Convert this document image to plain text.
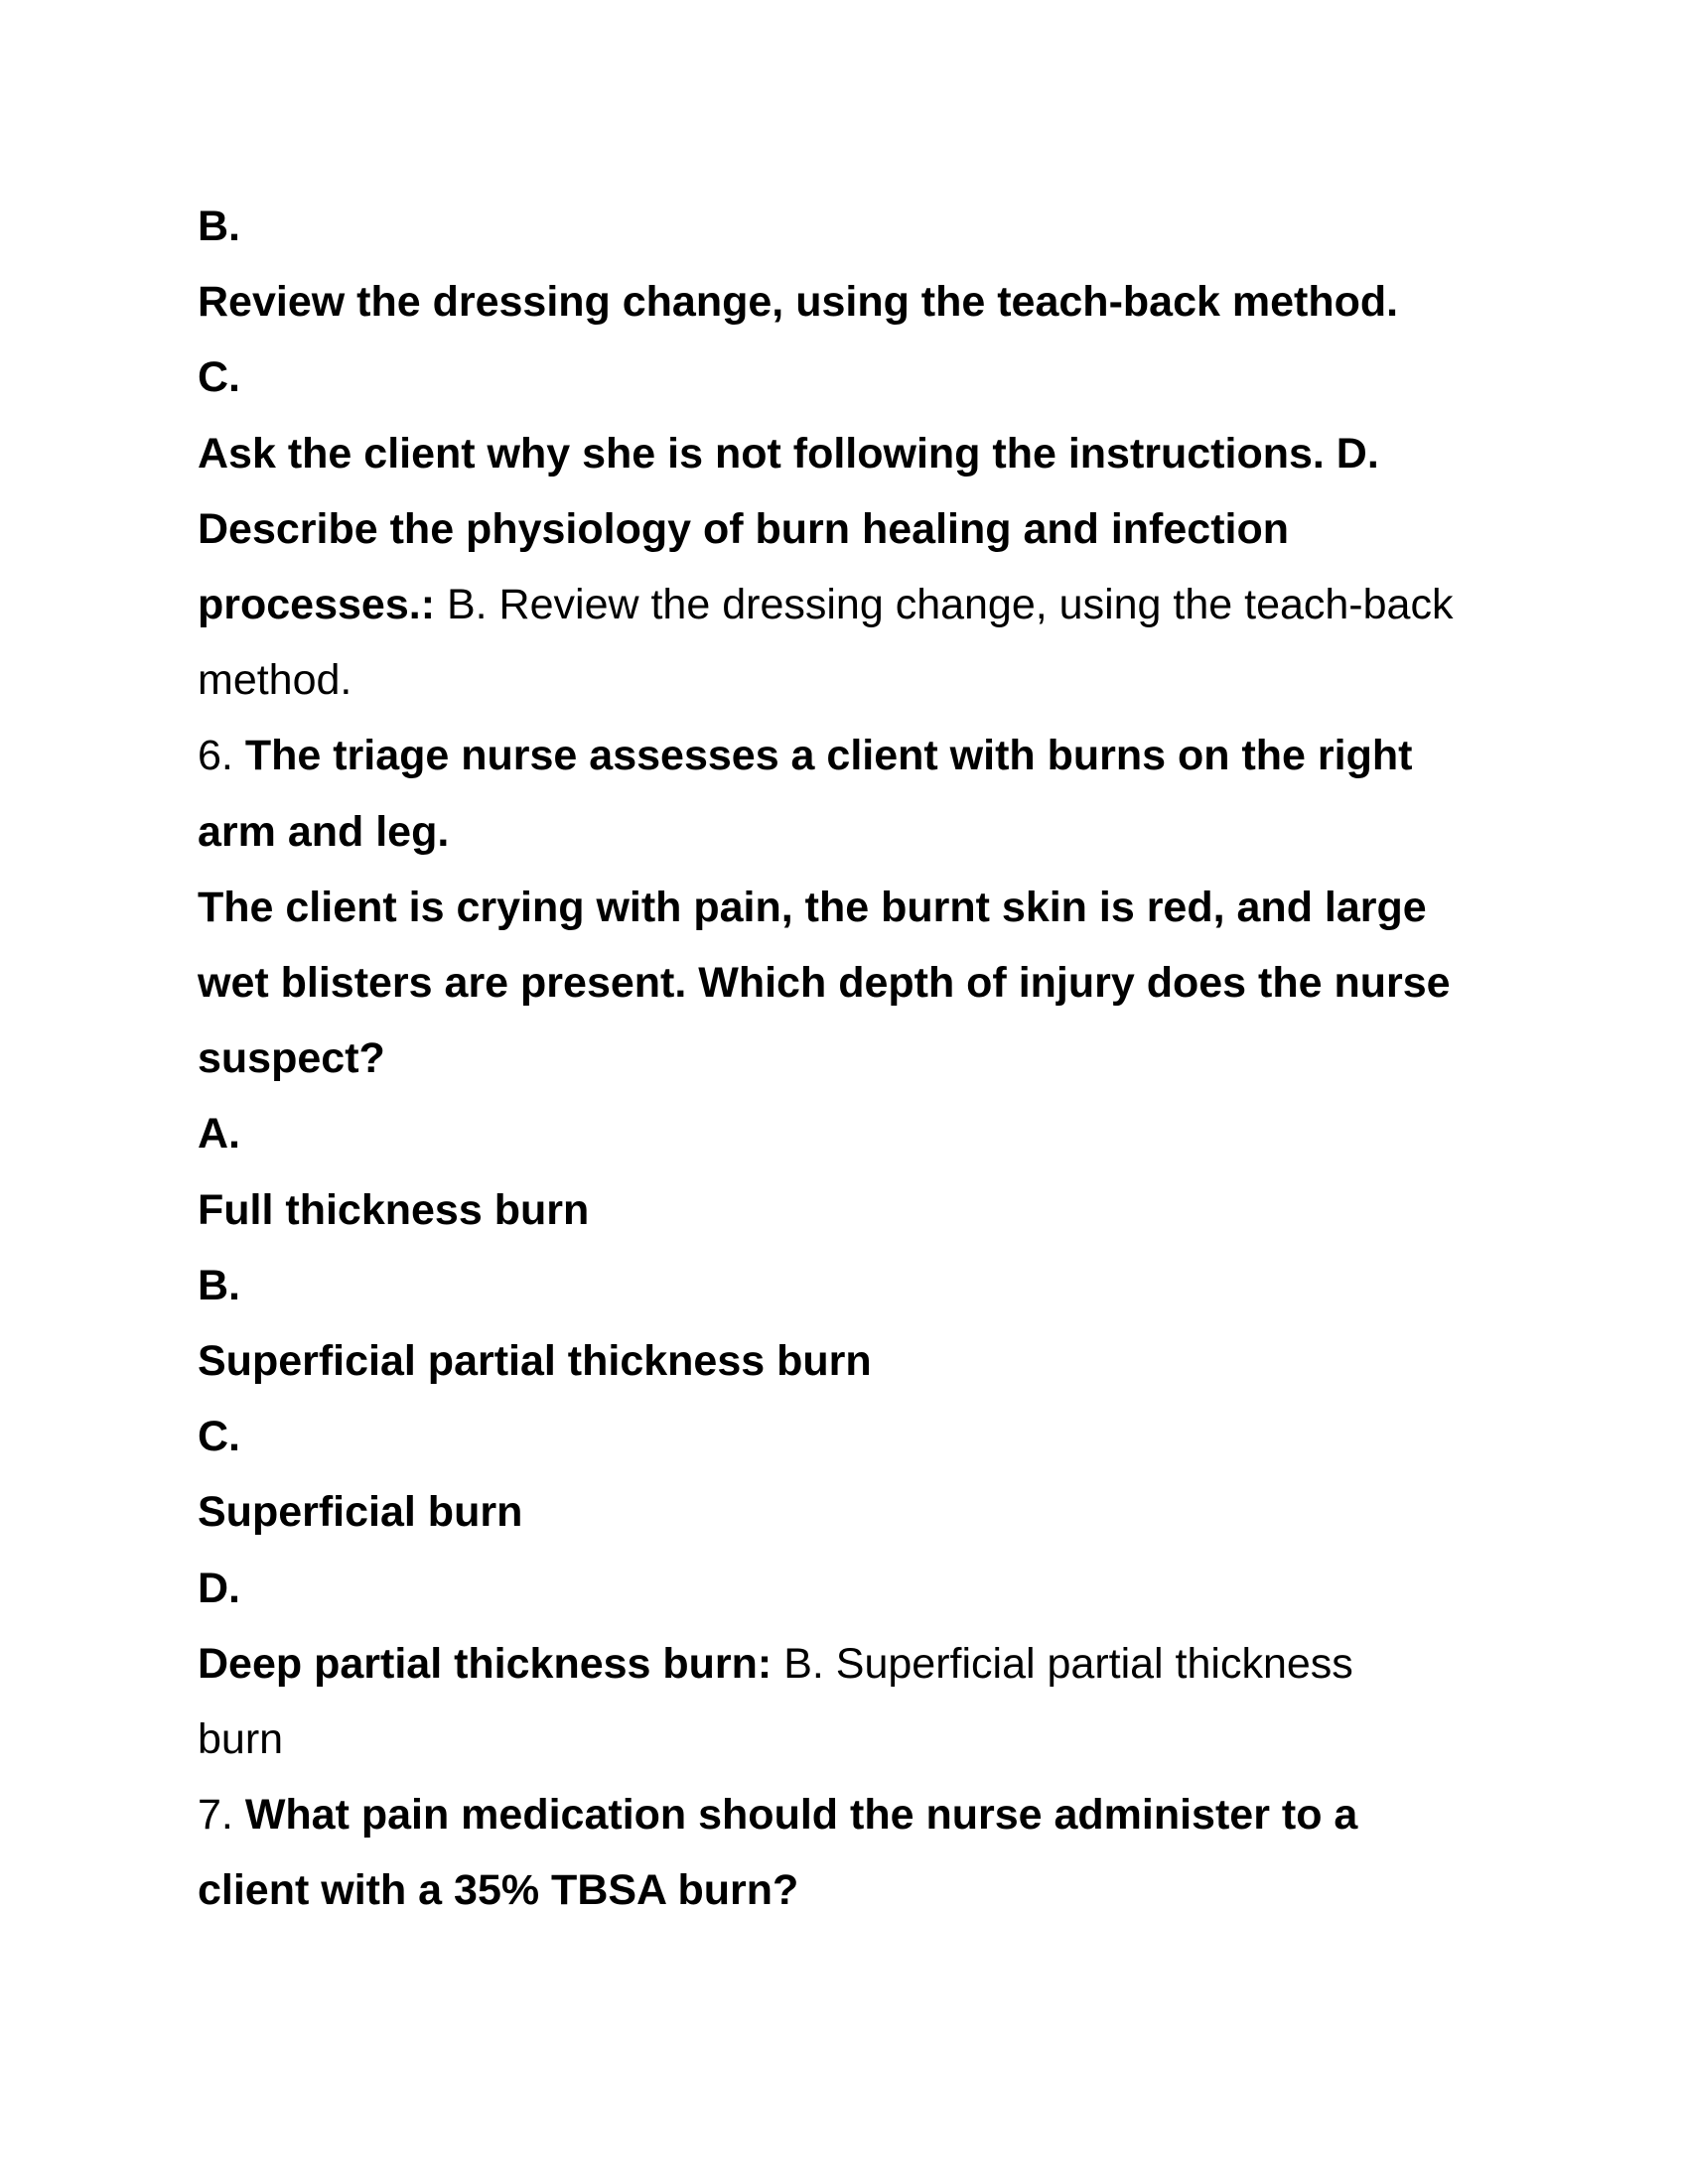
B.

Review the dressing change, using the teach-back method.

C.

Ask the client why she is not following the instructions. D.

Describe the physiology of burn healing and infection

processes.: B. Review the dressing change, using the teach-back

method.

6. The triage nurse assesses a client with burns on the right

arm and leg.

The client is crying with pain, the burnt skin is red, and large

wet blisters are present. Which depth of injury does the nurse

suspect?

A.

Full thickness burn

B.

Superficial partial thickness burn

C.

Superficial burn

D.

Deep partial thickness burn: B. Superficial partial thickness

burn

7. What pain medication should the nurse administer to a

client with a 35% TBSA burn?
